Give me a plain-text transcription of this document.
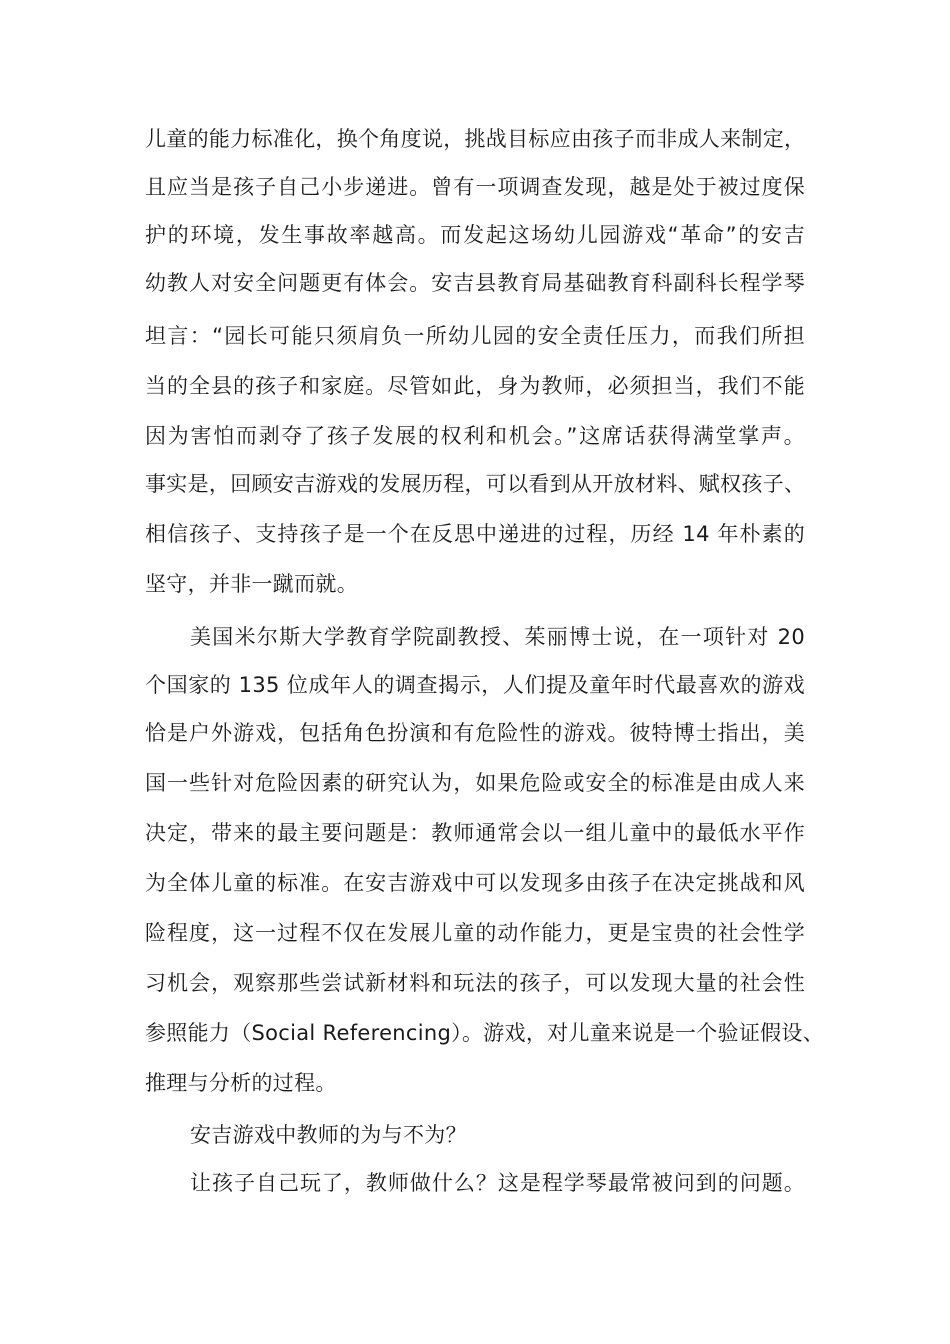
儿童的能力标准化，换个角度说，挑战目标应由孩子而非成人来制定，
且应当是孩子自己小步递进。曾有一项调查发现，越是处于被过度保
护的环境，发生事故率越高。而发起这场幼儿园游戏“革命”的安吉
幼教人对安全问题更有体会。安吉县教育局基础教育科副科长程学琴
坦言：“园长可能只须肩负一所幼儿园的安全责任压力，而我们所担
当的全县的孩子和家庭。尽管如此，身为教师，必须担当，我们不能
因为害怕而剥夺了孩子发展的权利和机会。”这席话获得满堂掌声。
事实是，回顾安吉游戏的发展历程，可以看到从开放材料、赋权孩子、
相信孩子、支持孩子是一个在反思中递进的过程，历经 14 年朴素的
坚守，并非一蹴而就。
美国米尔斯大学教育学院副教授、茱丽博士说，在一项针对 20
个国家的 135 位成年人的调查揭示，人们提及童年时代最喜欢的游戏
恰是户外游戏，包括角色扮演和有危险性的游戏。彼特博士指出，美
国一些针对危险因素的研究认为，如果危险或安全的标准是由成人来
决定，带来的最主要问题是：教师通常会以一组儿童中的最低水平作
为全体儿童的标准。在安吉游戏中可以发现多由孩子在决定挑战和风
险程度，这一过程不仅在发展儿童的动作能力，更是宝贵的社会性学
习机会，观察那些尝试新材料和玩法的孩子，可以发现大量的社会性
参照能力（Social Referencing）。游戏，对儿童来说是一个验证假设、
推理与分析的过程。
安吉游戏中教师的为与不为？
让孩子自己玩了，教师做什么？这是程学琴最常被问到的问题。
